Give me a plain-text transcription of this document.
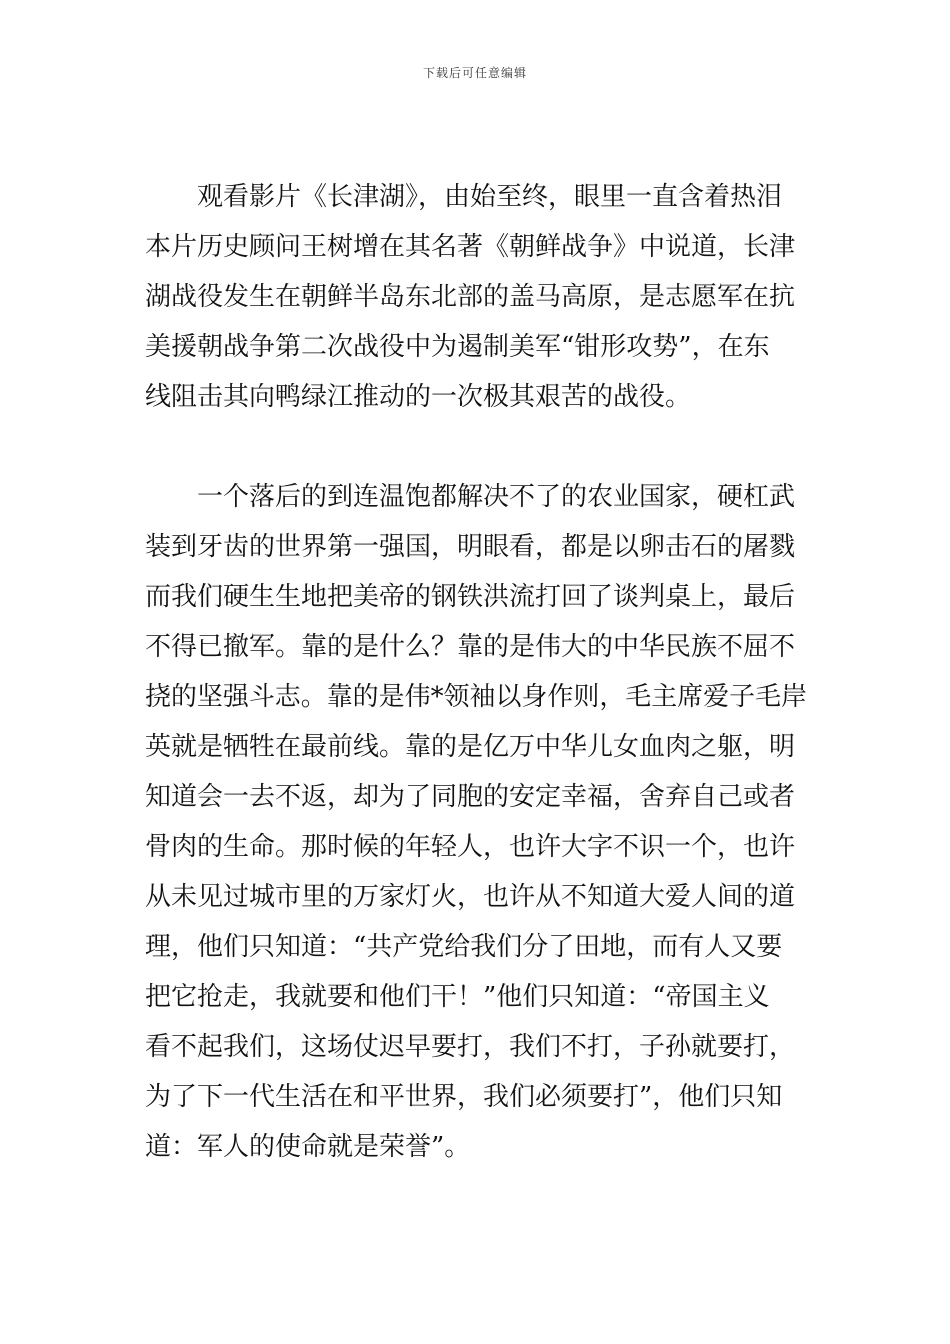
下载后可任意编辑
观看影片《长津湖》，由始至终，眼里一直含着热泪
本片历史顾问王树增在其名著《朝鲜战争》中说道，长津
湖战役发生在朝鲜半岛东北部的盖马高原，是志愿军在抗
美援朝战争第二次战役中为遏制美军“钳形攻势”，在东
线阻击其向鸭绿江推动的一次极其艰苦的战役。
一个落后的到连温饱都解决不了的农业国家，硬杠武
装到牙齿的世界第一强国，明眼看，都是以卵击石的屠戮
而我们硬生生地把美帝的钢铁洪流打回了谈判桌上，最后
不得已撤军。靠的是什么？靠的是伟大的中华民族不屈不
挠的坚强斗志。靠的是伟*领袖以身作则，毛主席爱子毛岸
英就是牺牲在最前线。靠的是亿万中华儿女血肉之躯，明
知道会一去不返，却为了同胞的安定幸福，舍弃自己或者
骨肉的生命。那时候的年轻人，也许大字不识一个，也许
从未见过城市里的万家灯火，也许从不知道大爱人间的道
理，他们只知道：“共产党给我们分了田地，而有人又要
把它抢走，我就要和他们干！”他们只知道：“帝国主义
看不起我们，这场仗迟早要打，我们不打，子孙就要打，
为了下一代生活在和平世界，我们必须要打”，他们只知
道：军人的使命就是荣誉”。
